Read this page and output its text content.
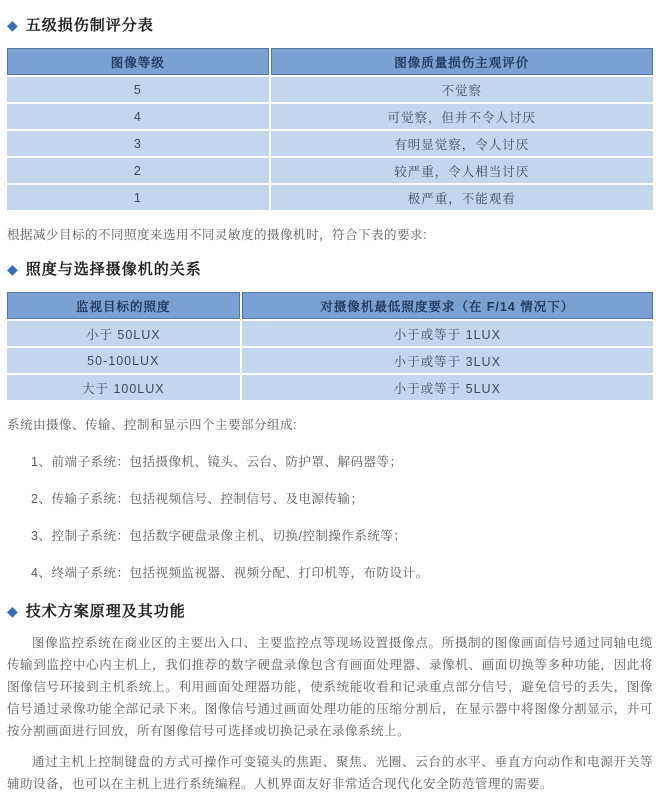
◆ 五级损伤制评分表
图像等级	图像质量损伤主观评价
5	不觉察
4	可觉察，但并不令人讨厌
3	有明显觉察，令人讨厌
2	较严重，令人相当讨厌
1	极严重，不能观看

根据减少目标的不同照度来选用不同灵敏度的摄像机时，符合下表的要求:

◆ 照度与选择摄像机的关系
监视目标的照度	对摄像机最低照度要求（在 F/14 情况下）
小于 50LUX	小于或等于 1LUX
50-100LUX	小于或等于 3LUX
大于 100LUX	小于或等于 5LUX

系统由摄像、传输、控制和显示四个主要部分组成:

1、前端子系统：包括摄像机、镜头、云台、防护罩、解码器等；

2、传输子系统：包括视频信号、控制信号、及电源传输；

3、控制子系统：包括数字硬盘录像主机、切换/控制操作系统等；

4、终端子系统：包括视频监视器、视频分配、打印机等，布防设计。

◆ 技术方案原理及其功能

图像监控系统在商业区的主要出入口、主要监控点等现场设置摄像点。所摄制的图像画面信号通过同轴电缆传输到监控中心内主机上，我们推荐的数字硬盘录像包含有画面处理器、录像机、画面切换等多种功能，因此将图像信号环接到主机系统上。利用画面处理器功能，使系统能收看和记录重点部分信号，避免信号的丢失，图像信号通过录像功能全部记录下来。图像信号通过画面处理功能的压缩分割后，在显示器中将图像分割显示，并可按分割画面进行回放，所有图像信号可选择或切换记录在录像系统上。

通过主机上控制键盘的方式可操作可变镜头的焦距、聚焦、光圈、云台的水平、垂直方向动作和电源开关等辅助设备，也可以在主机上进行系统编程。人机界面友好非常适合现代化安全防范管理的需要。
